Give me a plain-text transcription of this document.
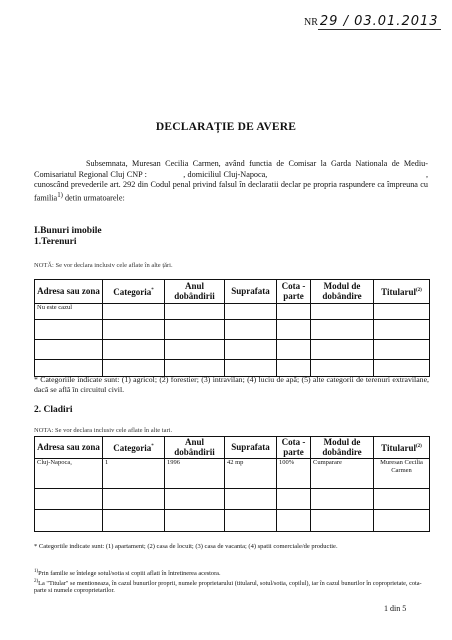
NR 29 / 03.01.2013
DECLARAȚIE DE AVERE

Subsemnata, Muresan Cecilia Carmen, având functia de Comisar la Garda Nationala de Mediu-Comisariatul Regional Cluj CNP :                , domiciliul Cluj-Napoca,	, cunoscând prevederile art. 292 din Codul penal privind falsul în declaratii declar pe propria raspundere ca împreuna cu familia$^{1)}$ detin urmatoarele:

I.Bunuri imobile
1.Terenuri
NOTĂ: Se vor declara inclusiv cele aflate în alte țări.
Adresa sau zona	Categoria*	Anul dobândirii	Suprafata	Cota - parte	Modul de dobândire	Titularul$^{(2)}$
Nu este cazul						

* Categoriile indicate sunt: (1) agricol; (2) forestier; (3) intravilan; (4) luciu de apă; (5) alte categorii de terenuri extravilane, dacă se află în circuitul civil.
2. Cladiri
NOTA: Se vor declara inclusiv cele aflate în alte tari.
Adresa sau zona	Categoria*	Anul dobândirii	Suprafata	Cota - parte	Modul de dobândire	Titularul$^{(2)}$
Cluj-Napoca,	1	1996	42 mp	100%	Cumparare	Muresan Cecilia Carmen

* Categoriile indicate sunt: (1) apartament; (2) casa de locuit; (3) casa de vacanta; (4) spatii comerciale/de productie.
$^{1)}$Prin familie se întelege sotul/sotia si copiii aflati în întretinerea acestora.
$^{2)}$La "Titular" se mentioneaza, în cazul bunurilor proprii, numele proprietarului (titularul, sotul/sotia, copilul), iar în cazul bunurilor în coproprietate, cota-parte si numele coproprietarilor.
1 din 5
